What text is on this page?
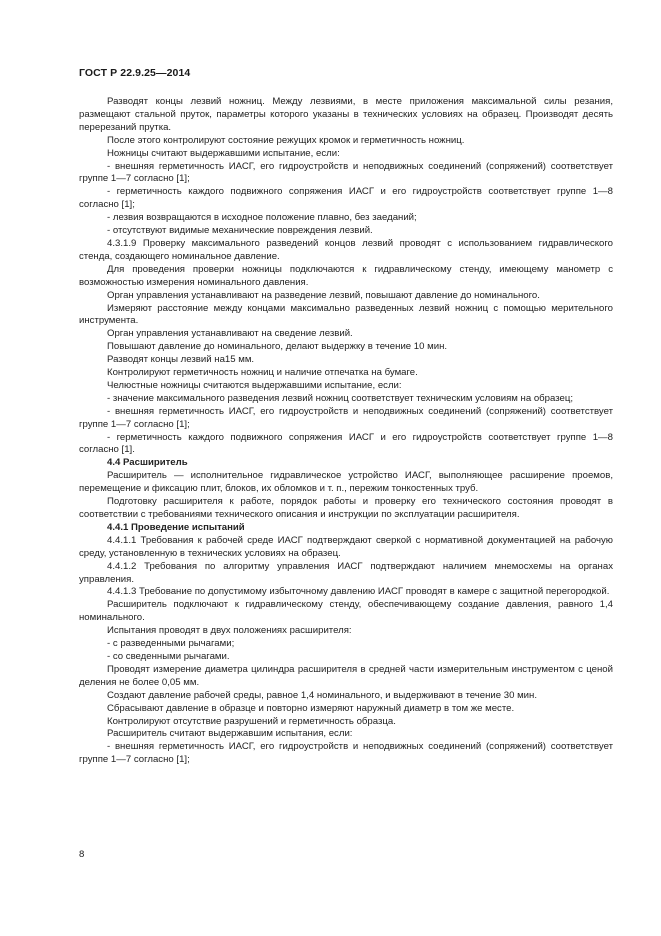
ГОСТ Р 22.9.25—2014

Разводят концы лезвий ножниц. Между лезвиями, в месте приложения максимальной силы резания, размещают стальной пруток, параметры которого указаны в технических условиях на образец. Производят десять перерезаний прутка.

После этого контролируют состояние режущих кромок и герметичность ножниц.

Ножницы считают выдержавшими испытание, если:

- внешняя герметичность ИАСГ, его гидроустройств и неподвижных соединений (сопряжений) соответствует группе 1—7 согласно [1];

- герметичность каждого подвижного сопряжения ИАСГ и его гидроустройств соответствует группе 1—8 согласно [1];

- лезвия возвращаются в исходное положение плавно, без заеданий;

- отсутствуют видимые механические повреждения лезвий.

4.3.1.9 Проверку максимального разведений концов лезвий проводят с использованием гидравлического стенда, создающего номинальное давление.

Для проведения проверки ножницы подключаются к гидравлическому стенду, имеющему манометр с возможностью измерения номинального давления.

Орган управления устанавливают на разведение лезвий, повышают давление до номинального.

Измеряют расстояние между концами максимально разведенных лезвий ножниц с помощью мерительного инструмента.

Орган управления устанавливают на сведение лезвий.

Повышают давление до номинального, делают выдержку в течение 10 мин.

Разводят концы лезвий на15 мм.

Контролируют герметичность ножниц и наличие отпечатка на бумаге.

Челюстные ножницы считаются выдержавшими испытание, если:

- значение максимального разведения лезвий ножниц соответствует техническим условиям на образец;

- внешняя герметичность ИАСГ, его гидроустройств и неподвижных соединений (сопряжений) соответствует группе 1—7 согласно [1];

- герметичность каждого подвижного сопряжения ИАСГ и его гидроустройств соответствует группе 1—8 согласно [1].

4.4 Расширитель

Расширитель — исполнительное гидравлическое устройство ИАСГ, выполняющее расширение проемов, перемещение и фиксацию плит, блоков, их обломков и т. п., пережим тонкостенных труб.

Подготовку расширителя к работе, порядок работы и проверку его технического состояния проводят в соответствии с требованиями технического описания и инструкции по эксплуатации расширителя.

4.4.1 Проведение испытаний

4.4.1.1 Требования к рабочей среде ИАСГ подтверждают сверкой с нормативной документацией на рабочую среду, установленную в технических условиях на образец.

4.4.1.2 Требования по алгоритму управления ИАСГ подтверждают наличием мнемосхемы на органах управления.

4.4.1.3 Требование по допустимому избыточному давлению ИАСГ проводят в камере с защитной перегородкой.

Расширитель подключают к гидравлическому стенду, обеспечивающему создание давления, равного 1,4 номинального.

Испытания проводят в двух положениях расширителя:

- с разведенными рычагами;

- со сведенными рычагами.

Проводят измерение диаметра цилиндра расширителя в средней части измерительным инструментом с ценой деления не более 0,05 мм.

Создают давление рабочей среды, равное 1,4 номинального, и выдерживают в течение 30 мин.

Сбрасывают давление в образце и повторно измеряют наружный диаметр в том же месте.

Контролируют отсутствие разрушений и герметичность образца.

Расширитель считают выдержавшим испытания, если:

- внешняя герметичность ИАСГ, его гидроустройств и неподвижных соединений (сопряжений) соответствует группе 1—7 согласно [1];

8
